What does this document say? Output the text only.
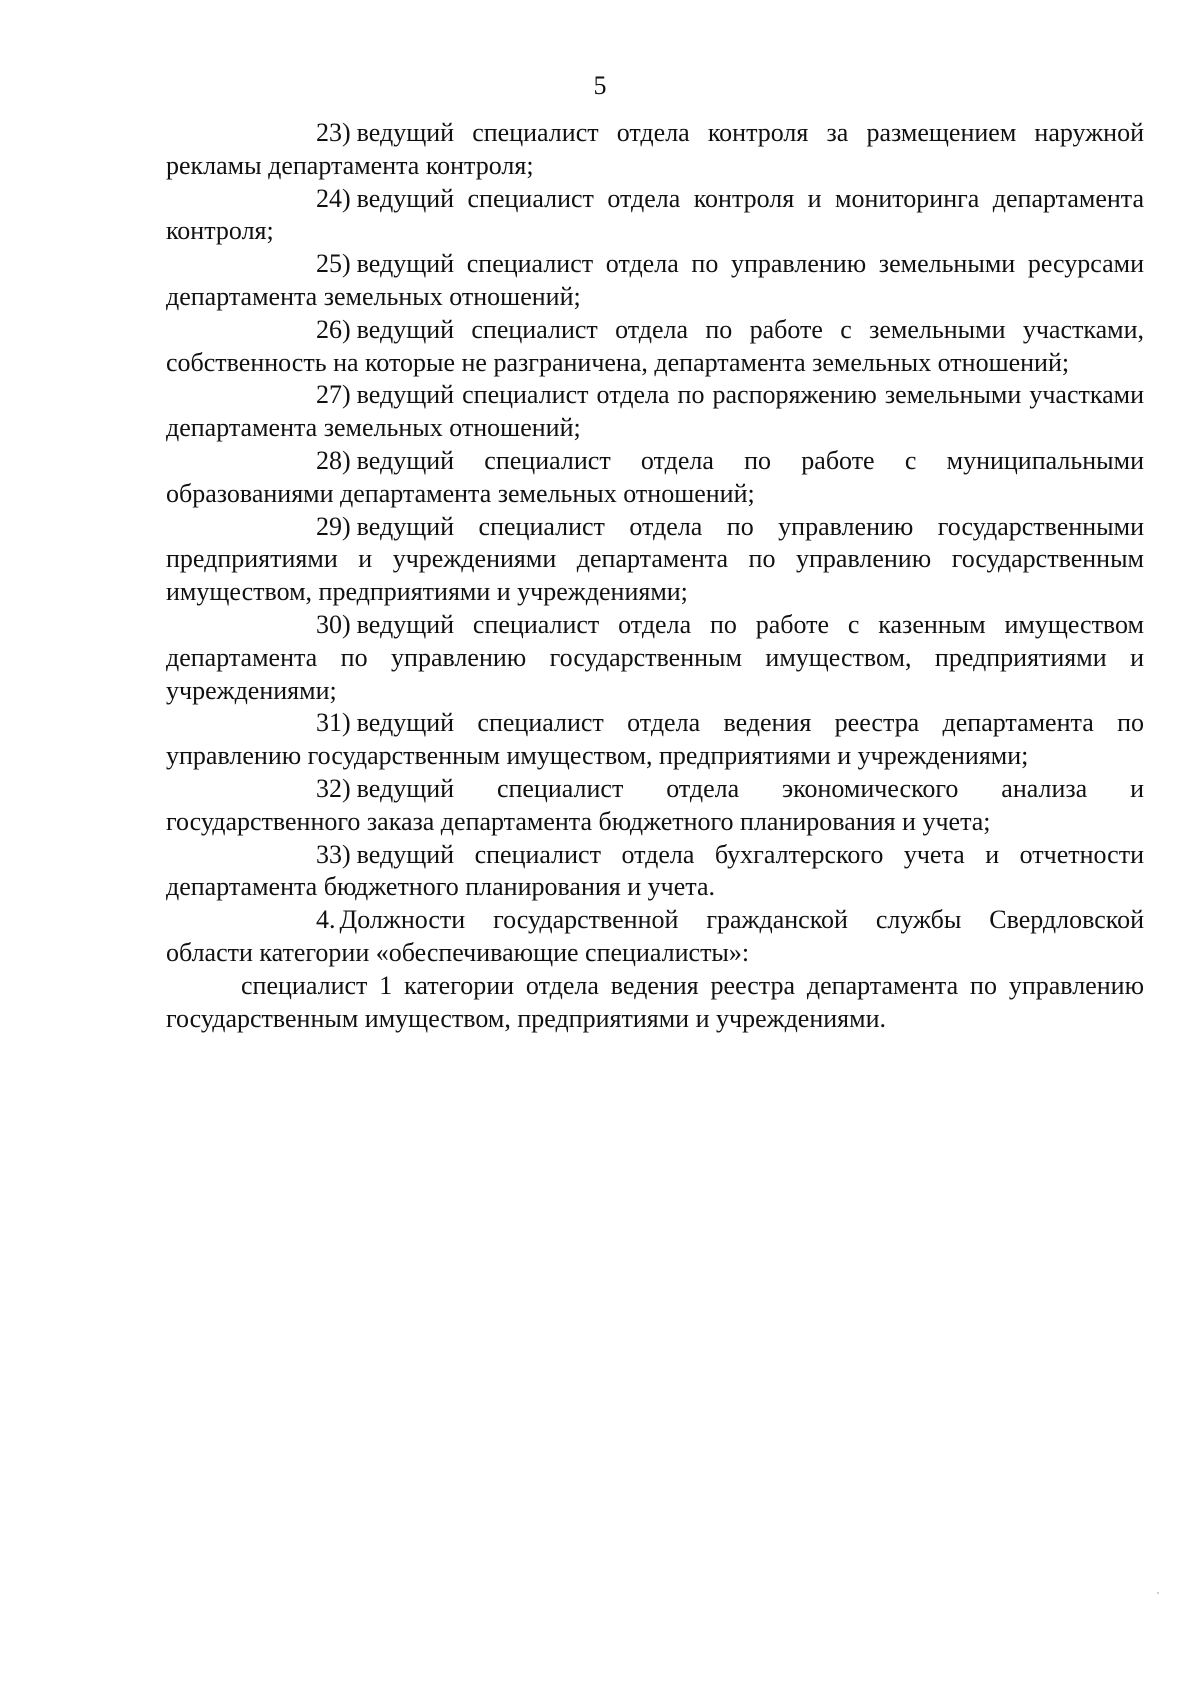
5

23) ведущий специалист отдела контроля за размещением наружной рекламы департамента контроля;

24) ведущий специалист отдела контроля и мониторинга департамента контроля;

25) ведущий специалист отдела по управлению земельными ресурсами департамента земельных отношений;

26) ведущий специалист отдела по работе с земельными участками, собственность на которые не разграничена, департамента земельных отношений;

27) ведущий специалист отдела по распоряжению земельными участками департамента земельных отношений;

28) ведущий специалист отдела по работе с муниципальными образованиями департамента земельных отношений;

29) ведущий специалист отдела по управлению государственными предприятиями и учреждениями департамента по управлению государственным имуществом, предприятиями и учреждениями;

30) ведущий специалист отдела по работе с казенным имуществом департамента по управлению государственным имуществом, предприятиями и учреждениями;

31) ведущий специалист отдела ведения реестра департамента по управлению государственным имуществом, предприятиями и учреждениями;

32) ведущий специалист отдела экономического анализа и государственного заказа департамента бюджетного планирования и учета;

33) ведущий специалист отдела бухгалтерского учета и отчетности департамента бюджетного планирования и учета.

4. Должности государственной гражданской службы Свердловской области категории «обеспечивающие специалисты»:

специалист 1 категории отдела ведения реестра департамента по управлению государственным имуществом, предприятиями и учреждениями.
